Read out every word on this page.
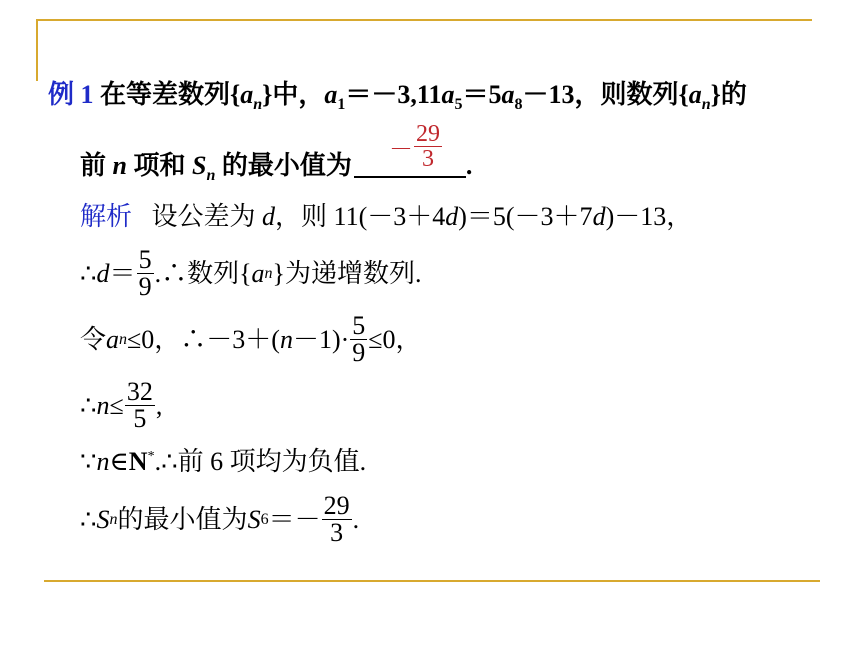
例 1 在等差数列$\{a_n\}$中，$a_1=-3,11a_5=5a_8-13$，则数列$\{a_n\}$的
前 n 项和 $S_n$ 的最小值为	.
－ $\frac{29}{3}$
解析 设公差为 d，则 11(－3＋4d)＝5(－3＋7d)－13，
∴ $d = \frac{5}{9}$ .∴数列{ a n }为递增数列.
令 a n ≤0，∴－3＋( $n -1)\cdot \frac{5}{9} \le 0$，
∴ $n \le \frac{32}{5}$ ,
∵n∈N*.∴前 6 项均为负值.
∴ S n 的最小值为 S $6 =- \frac{29}{3}$ .
